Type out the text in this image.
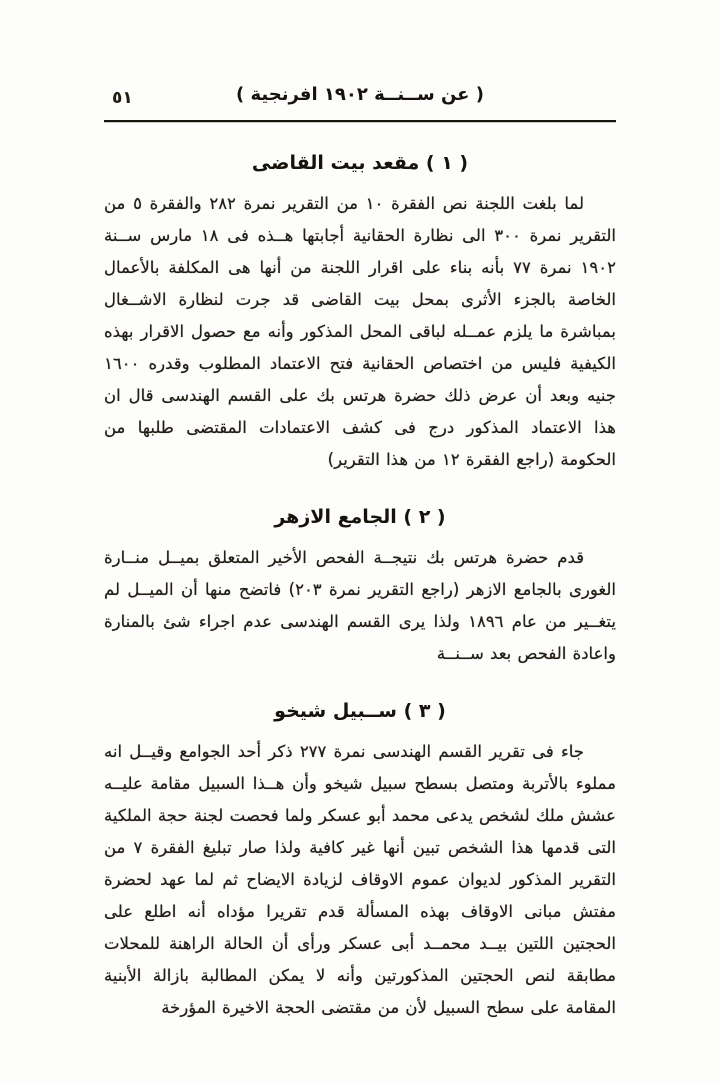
٥١	( عن ســنــة ١٩٠٢ افرنجية )
( ١ ) مقعد بيت القاضى

لما بلغت اللجنة نص الفقرة ١٠ من التقرير نمرة ٢٨٢ والفقرة ٥ من التقرير نمرة ٣٠٠ الى نظارة الحقانية أجابتها هــذه فى ١٨ مارس ســنة ١٩٠٢ نمرة ٧٧ بأنه بناء على اقرار اللجنة من أنها هى المكلفة بالأعمال الخاصة بالجزء الأثرى بمحل بيت القاضى قد جرت لنظارة الاشــغال بمباشرة ما يلزم عمــله لباقى المحل المذكور وأنه مع حصول الاقرار بهذه الكيفية فليس من اختصاص الحقانية فتح الاعتماد المطلوب وقدره ١٦٠٠ جنيه وبعد أن عرض ذلك حضرة هرتس بك على القسم الهندسى قال ان هذا الاعتماد المذكور درج فى كشف الاعتمادات المقتضى طلبها من الحكومة (راجع الفقرة ١٢ من هذا التقرير)

( ٢ ) الجامع الازهر

قدم حضرة هرتس بك نتيجــة الفحص الأخير المتعلق بميــل منــارة الغورى بالجامع الازهر (راجع التقرير نمرة ٢٠٣) فاتضح منها أن الميــل لم يتغــير من عام ١٨٩٦ ولذا يرى القسم الهندسى عدم اجراء شئ بالمنارة واعادة الفحص بعد ســنــة

( ٣ ) ســبيل شيخو

جاء فى تقرير القسم الهندسى نمرة ٢٧٧ ذكر أحد الجوامع وقيــل انه مملوء بالأتربة ومتصل بسطح سبيل شيخو وأن هــذا السبيل مقامة عليــه عشش ملك لشخص يدعى محمد أبو عسكر ولما فحصت لجنة حجة الملكية التى قدمها هذا الشخص تبين أنها غير كافية ولذا صار تبليغ الفقرة ٧ من التقرير المذكور لديوان عموم الاوقاف لزيادة الايضاح ثم لما عهد لحضرة مفتش مبانى الاوقاف بهذه المسألة قدم تقريرا مؤداه أنه اطلع على الحجتين اللتين بيــد محمــد أبى عسكر ورأى أن الحالة الراهنة للمحلات مطابقة لنص الحجتين المذكورتين وأنه لا يمكن المطالبة بازالة الأبنية المقامة على سطح السبيل لأن من مقتضى الحجة الاخيرة المؤرخة
